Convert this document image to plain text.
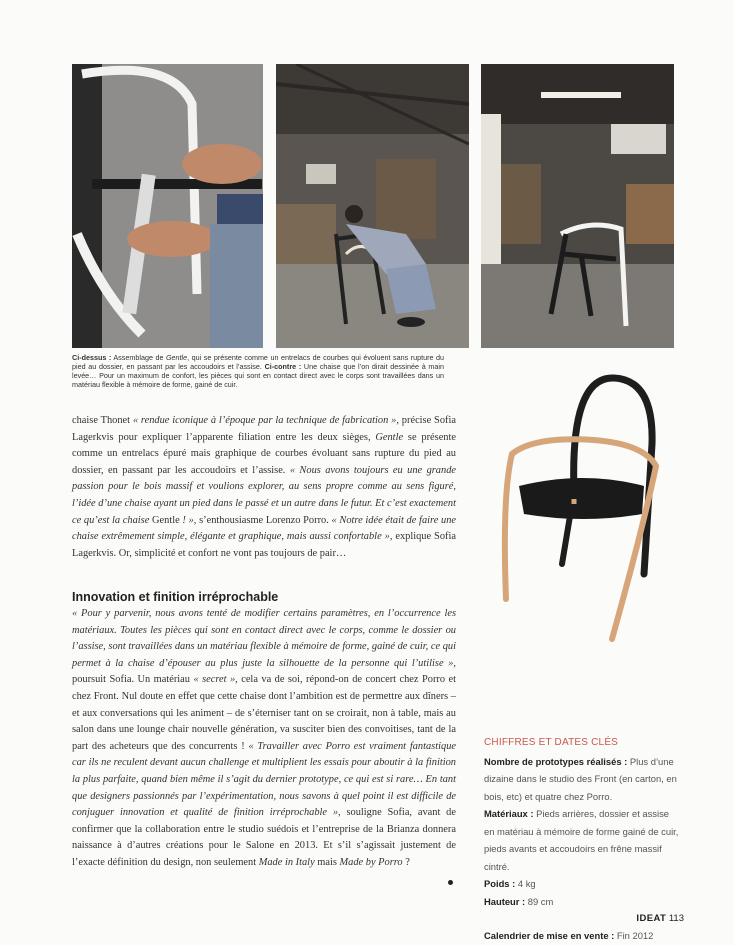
Ci-dessus : Assemblage de Gentle, qui se présente comme un entrelacs de courbes qui évoluent sans rupture du pied au dossier, en passant par les accoudoirs et l’assise. Ci-contre : Une chaise que l’on dirait dessinée à main levée… Pour un maximum de confort, les pièces qui sont en contact direct avec le corps sont travaillées dans un matériau flexible à mémoire de forme, gainé de cuir.

chaise Thonet « rendue iconique à l’époque par la technique de fabrication », précise Sofia Lagerkvis pour expliquer l’apparente filiation entre les deux sièges, Gentle se présente comme un entrelacs épuré mais graphique de courbes évoluant sans rupture du pied au dossier, en passant par les accoudoirs et l’assise. « Nous avons toujours eu une grande passion pour le bois massif et voulions explorer, au sens propre comme au sens figuré, l’idée d’une chaise ayant un pied dans le passé et un autre dans le futur. Et c’est exactement ce qu’est la chaise Gentle ! », s’enthousiasme Lorenzo Porro. « Notre idée était de faire une chaise extrêmement simple, élégante et graphique, mais aussi confortable », explique Sofia Lagerkvis. Or, simplicité et confort ne vont pas toujours de pair…

Innovation et finition irréprochable

« Pour y parvenir, nous avons tenté de modifier certains paramètres, en l’occurrence les matériaux. Toutes les pièces qui sont en contact direct avec le corps, comme le dossier ou l’assise, sont travaillées dans un matériau flexible à mémoire de forme, gainé de cuir, ce qui permet à la chaise d’épouser au plus juste la silhouette de la personne qui l’utilise », poursuit Sofia. Un matériau « secret », cela va de soi, répond-on de concert chez Porro et chez Front. Nul doute en effet que cette chaise dont l’ambition est de permettre aux dîners – et aux conversations qui les animent – de s’éterniser tant on se croirait, non à table, mais au salon dans une lounge chair nouvelle génération, va susciter bien des convoitises, tant de la part des acheteurs que des concurrents ! « Travailler avec Porro est vraiment fantastique car ils ne reculent devant aucun challenge et multiplient les essais pour aboutir à la finition la plus parfaite, quand bien même il s’agit du dernier prototype, ce qui est si rare… En tant que designers passionnés par l’expérimentation, nous savons à quel point il est difficile de conjuguer innovation et qualité de finition irréprochable », souligne Sofia, avant de confirmer que la collaboration entre le studio suédois et l’entreprise de la Brianza donnera naissance à d’autres créations pour le Salone en 2013. Et s’il s’agissait justement de l’exacte définition du design, non seulement Made in Italy mais Made by Porro ?

CHIFFRES ET DATES CLÉS

Nombre de prototypes réalisés : Plus d’une dizaine dans le studio des Front (en carton, en bois, etc) et quatre chez Porro.

Matériaux : Pieds arrières, dossier et assise en matériau à mémoire de forme gainé de cuir, pieds avants et accoudoirs en frêne massif cintré.

Poids : 4 kg

Hauteur : 89 cm

Calendrier de mise en vente : Fin 2012

IDEAT 113
